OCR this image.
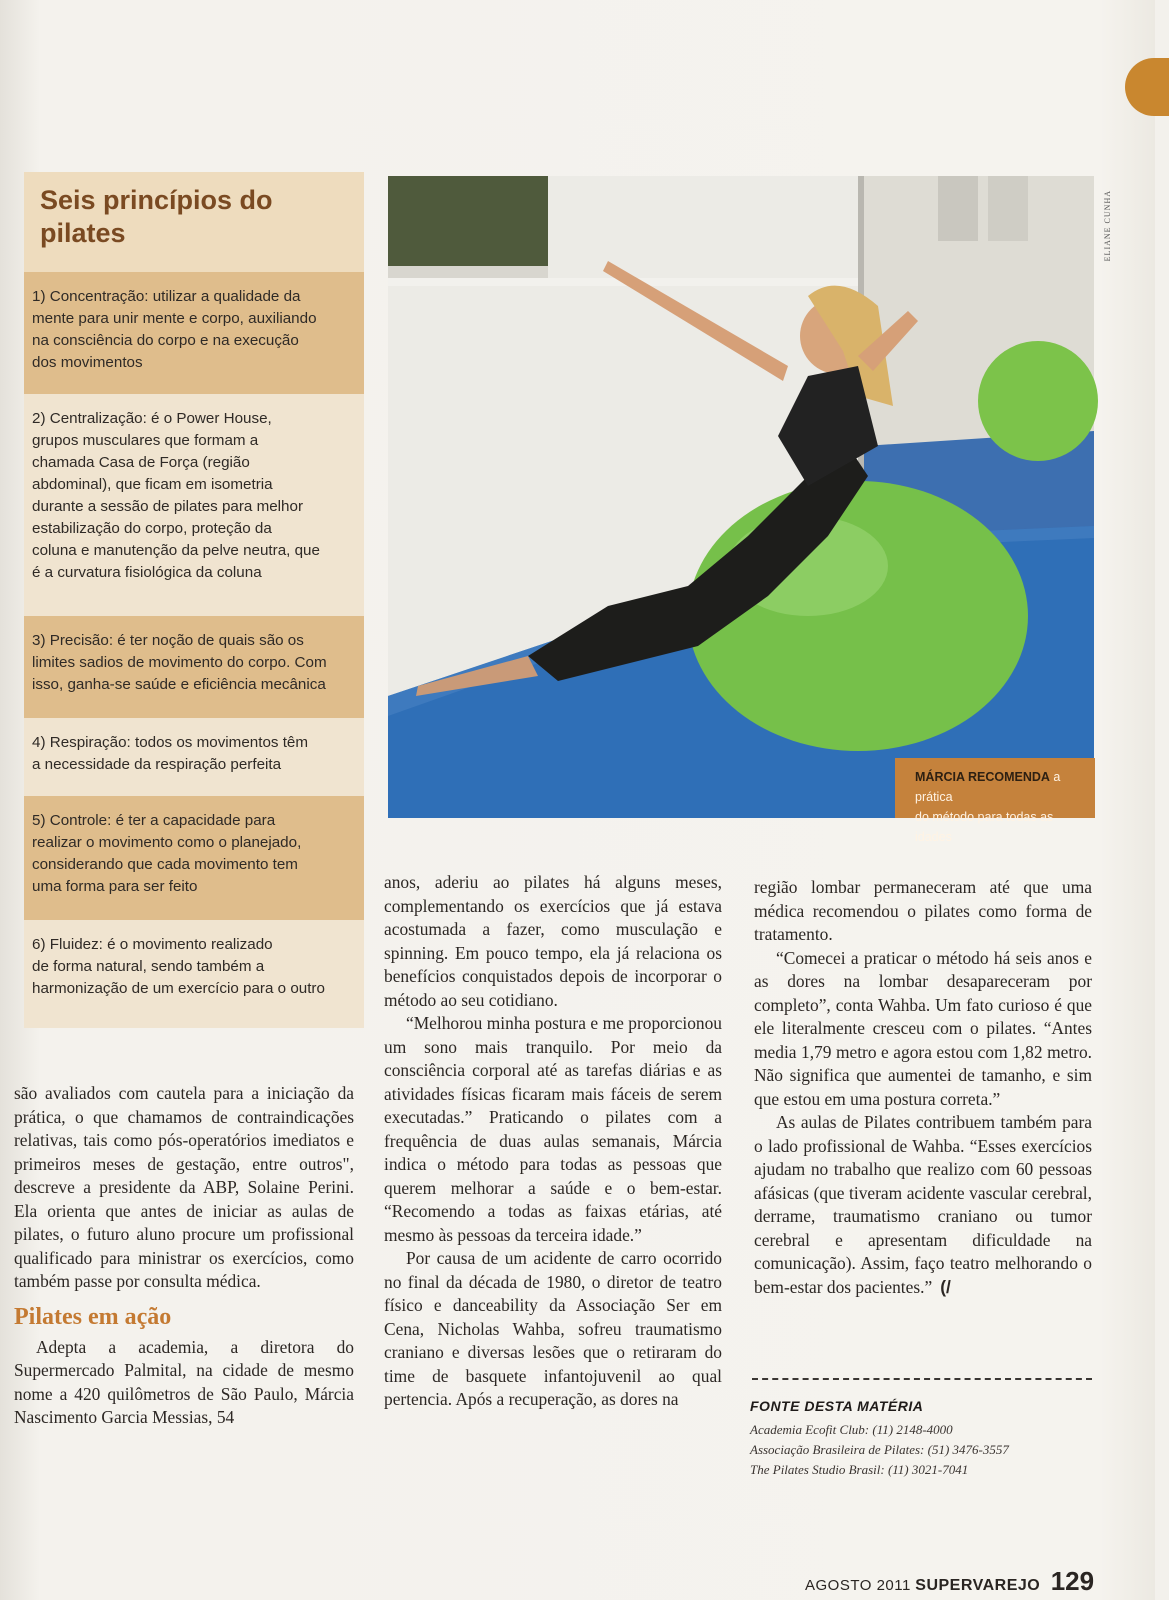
Seis princípios do pilates
1) Concentração: utilizar a qualidade da
mente para unir mente e corpo, auxiliando
na consciência do corpo e na execução
dos movimentos
2) Centralização: é o Power House,
grupos musculares que formam a
chamada Casa de Força (região
abdominal), que ficam em isometria
durante a sessão de pilates para melhor
estabilização do corpo, proteção da
coluna e manutenção da pelve neutra, que
é a curvatura fisiológica da coluna
3) Precisão: é ter noção de quais são os
limites sadios de movimento do corpo. Com
isso, ganha-se saúde e eficiência mecânica
4) Respiração: todos os movimentos têm
a necessidade da respiração perfeita
5) Controle: é ter a capacidade para
realizar o movimento como o planejado,
considerando que cada movimento tem
uma forma para ser feito
6) Fluidez: é o movimento realizado
de forma natural, sendo também a
harmonização de um exercício para o outro
MÁRCIA RECOMENDA a prática
do método para todas as idades
ELIANE CUNHA

são avaliados com cautela para a iniciação da prática, o que chamamos de contraindicações relativas, tais como pós-operatórios imediatos e primeiros meses de gestação, entre outros", descreve a presidente da ABP, Solaine Perini. Ela orienta que antes de iniciar as aulas de pilates, o futuro aluno procure um profissional qualificado para ministrar os exercícios, como também passe por consulta médica.

Pilates em ação

Adepta a academia, a diretora do Supermercado Palmital, na cidade de mesmo nome a 420 quilômetros de São Paulo, Márcia Nascimento Garcia Messias, 54

anos, aderiu ao pilates há alguns meses, complementando os exercícios que já estava acostumada a fazer, como musculação e spinning. Em pouco tempo, ela já relaciona os benefícios conquistados depois de incorporar o método ao seu cotidiano.

“Melhorou minha postura e me proporcionou um sono mais tranquilo. Por meio da consciência corporal até as tarefas diárias e as atividades físicas ficaram mais fáceis de serem executadas.” Praticando o pilates com a frequência de duas aulas semanais, Márcia indica o método para todas as pessoas que querem melhorar a saúde e o bem-estar. “Recomendo a todas as faixas etárias, até mesmo às pessoas da terceira idade.”

Por causa de um acidente de carro ocorrido no final da década de 1980, o diretor de teatro físico e danceability da Associação Ser em Cena, Nicholas Wahba, sofreu traumatismo craniano e diversas lesões que o retiraram do time de basquete infantojuvenil ao qual pertencia. Após a recuperação, as dores na

região lombar permaneceram até que uma médica recomendou o pilates como forma de tratamento.

“Comecei a praticar o método há seis anos e as dores na lombar desapareceram por completo”, conta Wahba. Um fato curioso é que ele literalmente cresceu com o pilates. “Antes media 1,79 metro e agora estou com 1,82 metro. Não significa que aumentei de tamanho, e sim que estou em uma postura correta.”

As aulas de Pilates contribuem também para o lado profissional de Wahba. “Esses exercícios ajudam no trabalho que realizo com 60 pessoas afásicas (que tiveram acidente vascular cerebral, derrame, traumatismo craniano ou tumor cerebral e apresentam dificuldade na comunicação). Assim, faço teatro melhorando o bem-estar dos pacientes.” (/

FONTE DESTA MATÉRIA
Academia Ecofit Club: (11) 2148-4000
Associação Brasileira de Pilates: (51) 3476-3557
The Pilates Studio Brasil: (11) 3021-7041
AGOSTO 2011 SUPERVAREJO 129
